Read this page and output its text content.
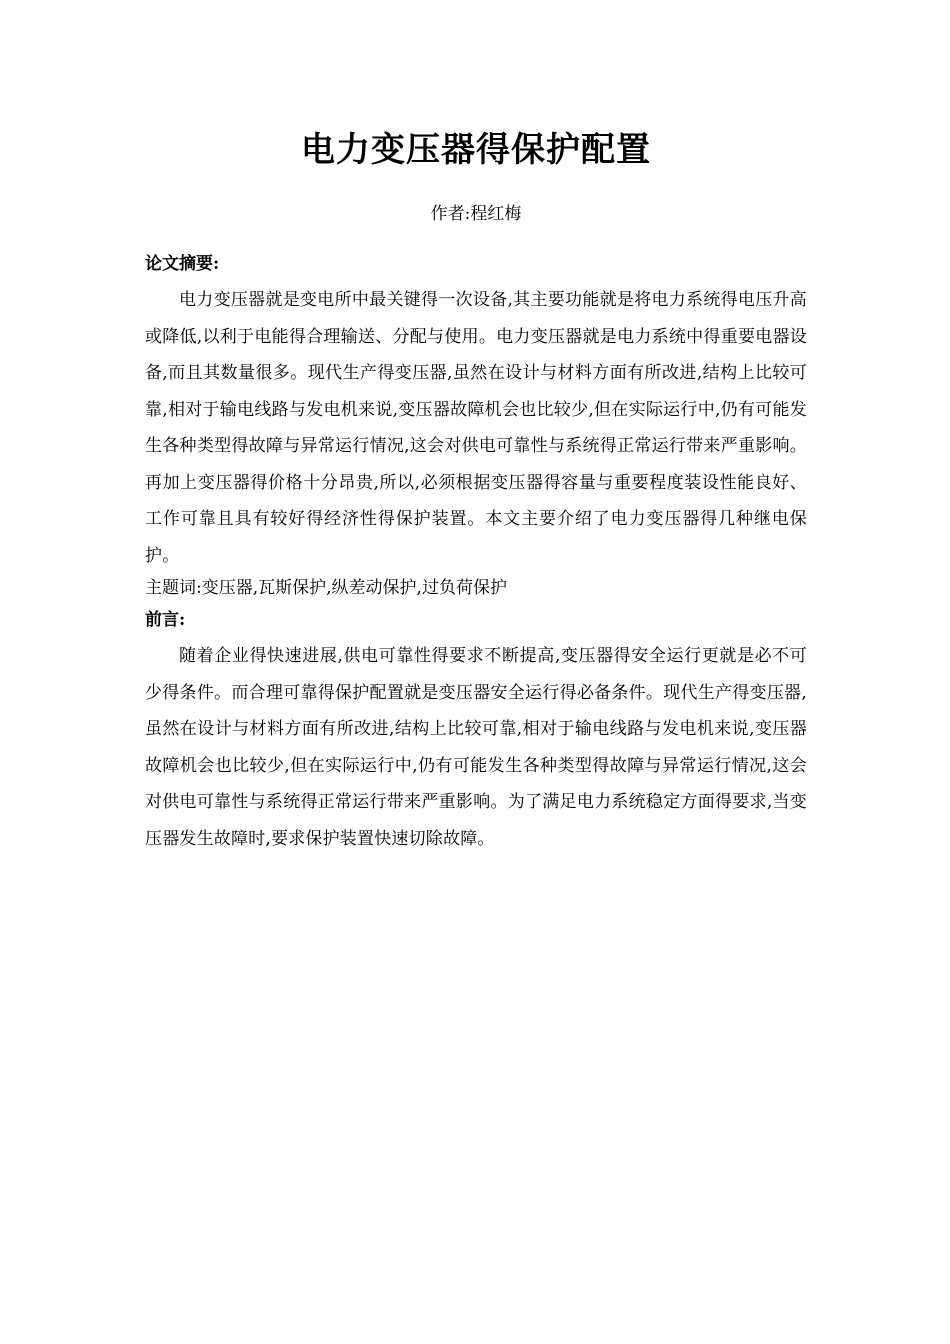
电力变压器得保护配置

作者:程红梅

论文摘要:

电力变压器就是变电所中最关键得一次设备,其主要功能就是将电力系统得电压升高或降低,以利于电能得合理输送、分配与使用。电力变压器就是电力系统中得重要电器设备,而且其数量很多。现代生产得变压器,虽然在设计与材料方面有所改进,结构上比较可靠,相对于输电线路与发电机来说,变压器故障机会也比较少,但在实际运行中,仍有可能发生各种类型得故障与异常运行情况,这会对供电可靠性与系统得正常运行带来严重影响。再加上变压器得价格十分昂贵,所以,必须根据变压器得容量与重要程度装设性能良好、工作可靠且具有较好得经济性得保护装置。本文主要介绍了电力变压器得几种继电保护。

主题词:变压器,瓦斯保护,纵差动保护,过负荷保护

前言:

随着企业得快速进展,供电可靠性得要求不断提高,变压器得安全运行更就是必不可少得条件。而合理可靠得保护配置就是变压器安全运行得必备条件。现代生产得变压器,虽然在设计与材料方面有所改进,结构上比较可靠,相对于输电线路与发电机来说,变压器故障机会也比较少,但在实际运行中,仍有可能发生各种类型得故障与异常运行情况,这会对供电可靠性与系统得正常运行带来严重影响。为了满足电力系统稳定方面得要求,当变压器发生故障时,要求保护装置快速切除故障。
